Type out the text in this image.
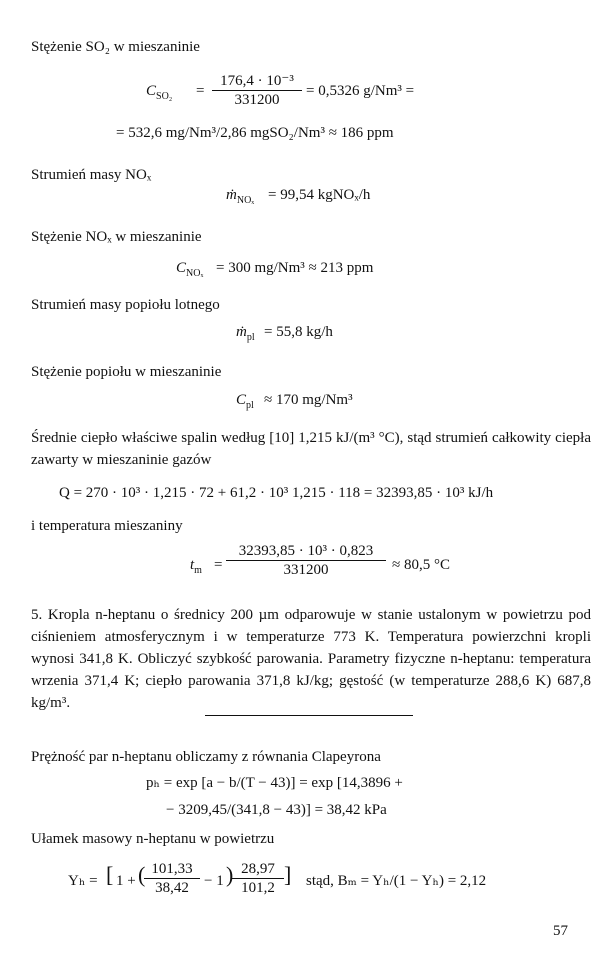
Stężenie SO₂ w mieszaninie
$C_{SO_2} = \frac{\text{176,4 · 10⁻³}}{331200} = 0,5326$ g/Nm³ =
= 532,6 mg/Nm³/2,86 mgSO₂/Nm³ ≈ 186 ppm
Strumień masy NOₓ
ṁ$_{NO_x}$ = 99,54 kgNOₓ/h
Stężenie NOₓ w mieszaninie
$C_{NO_x} = 300$ mg/Nm³ ≈ 213 ppm
Strumień masy popiołu lotnego
ṁ$_{pl}$ = 55,8 kg/h
Stężenie popiołu w mieszaninie
$C_{pl} \approx 170$ mg/Nm³
Średnie ciepło właściwe spalin według [10] 1,215 kJ/(m³ °C), stąd strumień całkowity ciepła zawarty w mieszaninie gazów
Q = 270 · 10³ · 1,215 · 72 + 61,2 · 10³ 1,215 · 118 = 32393,85 · 10³ kJ/h
i temperatura mieszaniny
$t_m = \frac{\text{32393,85 · 10³ · 0,823}}{331200} \approx 80,5$ °C
5. Kropla n-heptanu o średnicy 200 µm odparowuje w stanie ustalonym w powietrzu pod ciśnieniem atmosferycznym i w temperaturze 773 K. Temperatura powierzchni kropli wynosi 341,8 K. Obliczyć szybkość parowania. Parametry fizyczne n-heptanu: temperatura wrzenia 371,4 K; ciepło parowania 371,8 kJ/kg; gęstość (w temperaturze 288,6 K) 687,8 kg/m³.
Prężność par n-heptanu obliczamy z równania Clapeyrona
pₕ = exp [a − b/(T − 43)] = exp [14,3896 +
− 3209,45/(341,8 − 43)] = 38,42 kPa
Ułamek masowy n-heptanu w powietrzu
Yₕ = [ 1 + (
$\frac{101,33}{38,42} - 1$ )
$\frac{28,97}{101,2}$ ] stąd, Bₘ = Yₕ/(1 − Yₕ) = 2,12
57
